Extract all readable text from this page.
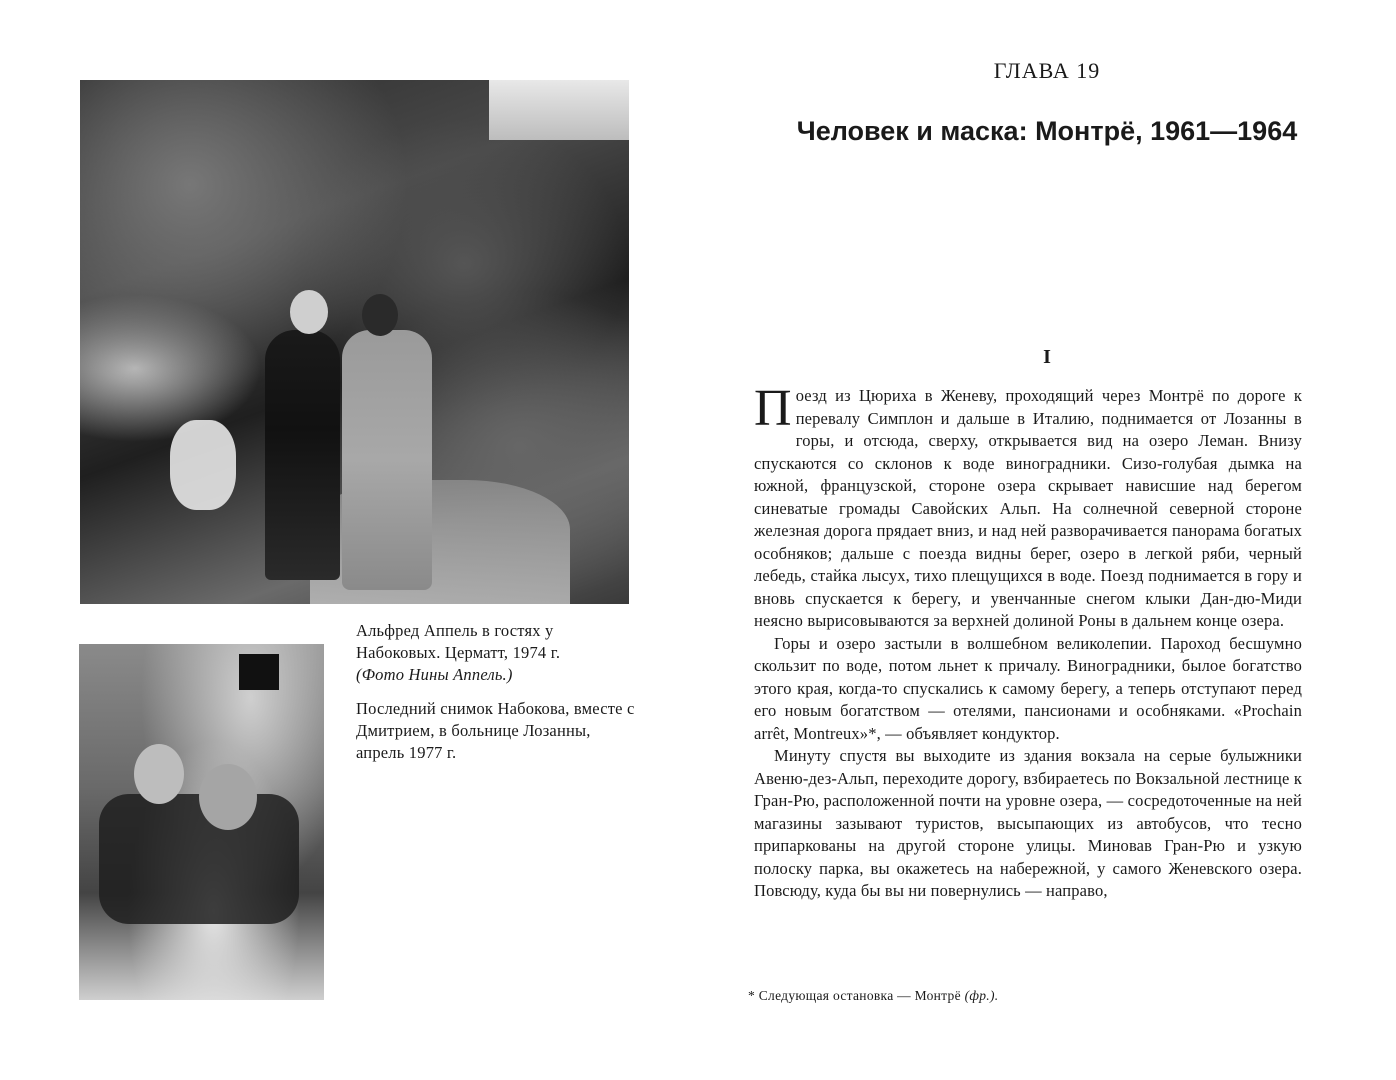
Альфред Аппель в гостях у Набоковых. Церматт, 1974 г.
(Фото Нины Аппель.)

Последний снимок Набокова, вместе с Дмитрием, в больнице Лозанны, апрель 1977 г.

ГЛАВА 19
Человек и маска: Монтрё, 1961—1964
I

Поезд из Цюриха в Женеву, проходящий через Монтрё по дороге к перевалу Симплон и дальше в Италию, поднимается от Лозанны в горы, и отсюда, сверху, открывается вид на озеро Леман. Внизу спускаются со склонов к воде виноградники. Сизо-голубая дымка на южной, французской, стороне озера скрывает нависшие над берегом синеватые громады Савойских Альп. На солнечной северной стороне железная дорога прядает вниз, и над ней разворачивается панорама богатых особняков; дальше с поезда видны берег, озеро в легкой ряби, черный лебедь, стайка лысух, тихо плещущихся в воде. Поезд поднимается в гору и вновь спускается к берегу, и увенчанные снегом клыки Дан-дю-Миди неясно вырисовываются за верхней долиной Роны в дальнем конце озера.

Горы и озеро застыли в волшебном великолепии. Пароход бесшумно скользит по воде, потом льнет к причалу. Виноградники, былое богатство этого края, когда-то спускались к самому берегу, а теперь отступают перед его новым богатством — отелями, пансионами и особняками. «Prochain arrêt, Montreux»*, — объявляет кондуктор.

Минуту спустя вы выходите из здания вокзала на серые булыжники Авеню-дез-Альп, переходите дорогу, взбираетесь по Вокзальной лестнице к Гран-Рю, расположенной почти на уровне озера, — сосредоточенные на ней магазины зазывают туристов, высыпающих из автобусов, что тесно припаркованы на другой стороне улицы. Миновав Гран-Рю и узкую полоску парка, вы окажетесь на набережной, у самого Женевского озера. Повсюду, куда бы вы ни повернулись — направо,

* Следующая остановка — Монтрё (фр.).
